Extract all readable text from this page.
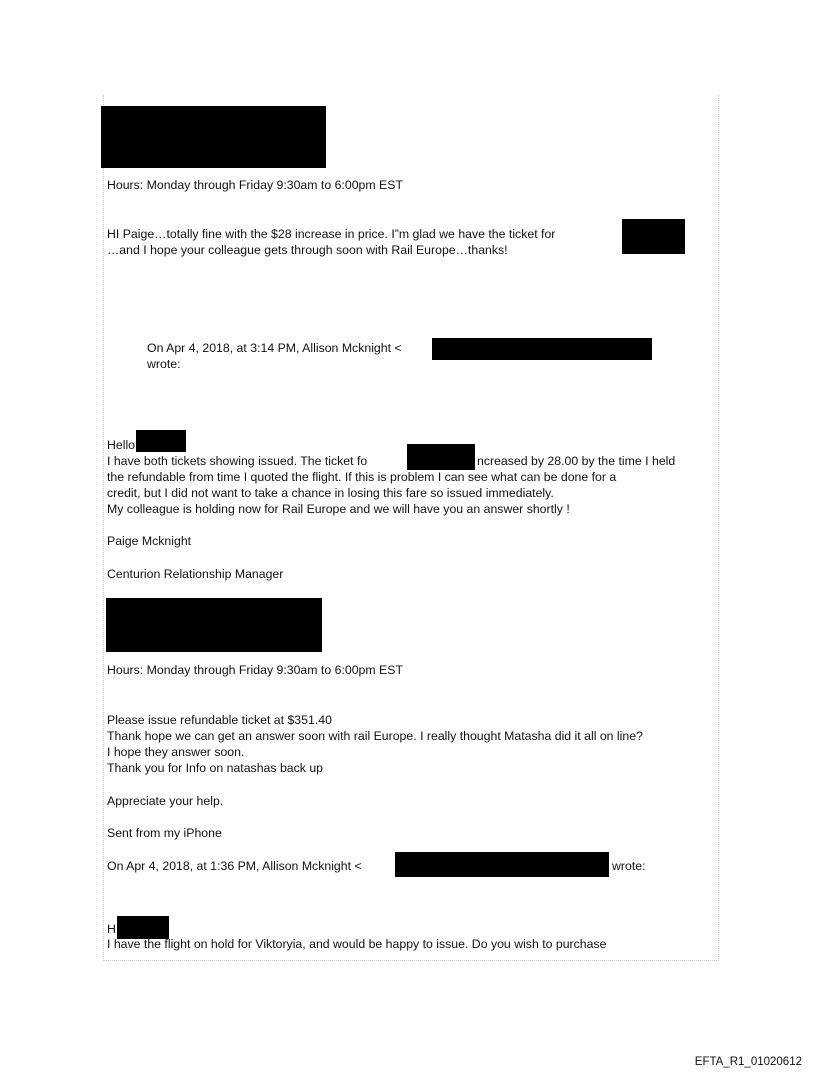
Hours: Monday through Friday 9:30am to 6:00pm EST
HI Paige…totally fine with the $28 increase in price. I”m glad we have the ticket for
…and I hope your colleague gets through soon with Rail Europe…thanks!
On Apr 4, 2018, at 3:14 PM, Allison Mcknight <
wrote:
Hello
I have both tickets showing issued. The ticket fo	ncreased by 28.00 by the time I held
the refundable from time I quoted the flight. If this is problem I can see what can be done for a
credit, but I did not want to take a chance in losing this fare so issued immediately.
My colleague is holding now for Rail Europe and we will have you an answer shortly !
Paige Mcknight
Centurion Relationship Manager
Hours: Monday through Friday 9:30am to 6:00pm EST
Please issue refundable ticket at $351.40
Thank hope we can get an answer soon with rail Europe. I really thought Matasha did it all on line?
I hope they answer soon.
Thank you for Info on natashas back up
Appreciate your help.
Sent from my iPhone
On Apr 4, 2018, at 1:36 PM, Allison Mcknight <	wrote:
H
I have the flight on hold for Viktoryia, and would be happy to issue. Do you wish to purchase
EFTA_R1_01020612
